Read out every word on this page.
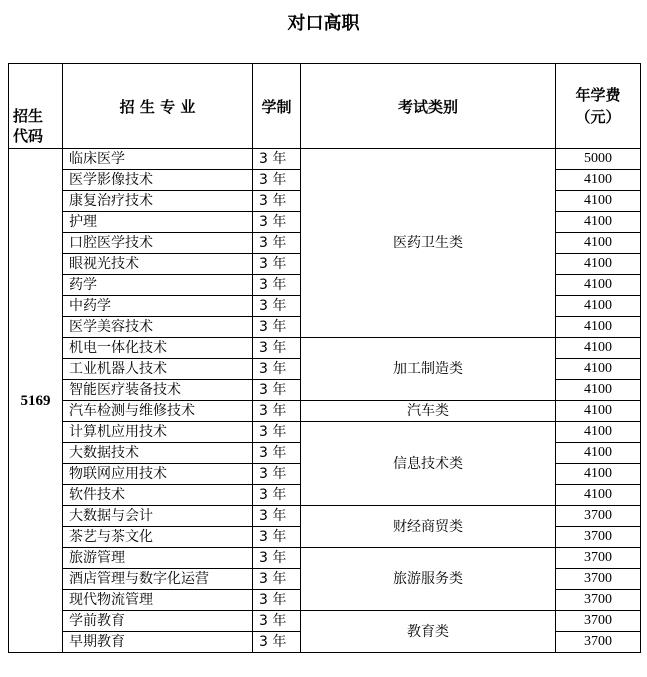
对口高职
招生
代码	招 生 专 业	学制	考试类别	年学费
（元）
5169	临床医学	3 年	医药卫生类	5000
	医学影像技术	3 年		4100
	康复治疗技术	3 年		4100
	护理	3 年		4100
	口腔医学技术	3 年		4100
	眼视光技术	3 年		4100
	药学	3 年		4100
	中药学	3 年		4100
	医学美容技术	3 年		4100
	机电一体化技术	3 年	加工制造类	4100
	工业机器人技术	3 年		4100
	智能医疗装备技术	3 年		4100
	汽车检测与维修技术	3 年	汽车类	4100
	计算机应用技术	3 年	信息技术类	4100
	大数据技术	3 年		4100
	物联网应用技术	3 年		4100
	软件技术	3 年		4100
	大数据与会计	3 年	财经商贸类	3700
	茶艺与茶文化	3 年		3700
	旅游管理	3 年	旅游服务类	3700
	酒店管理与数字化运营	3 年		3700
	现代物流管理	3 年		3700
	学前教育	3 年	教育类	3700
	早期教育	3 年		3700
